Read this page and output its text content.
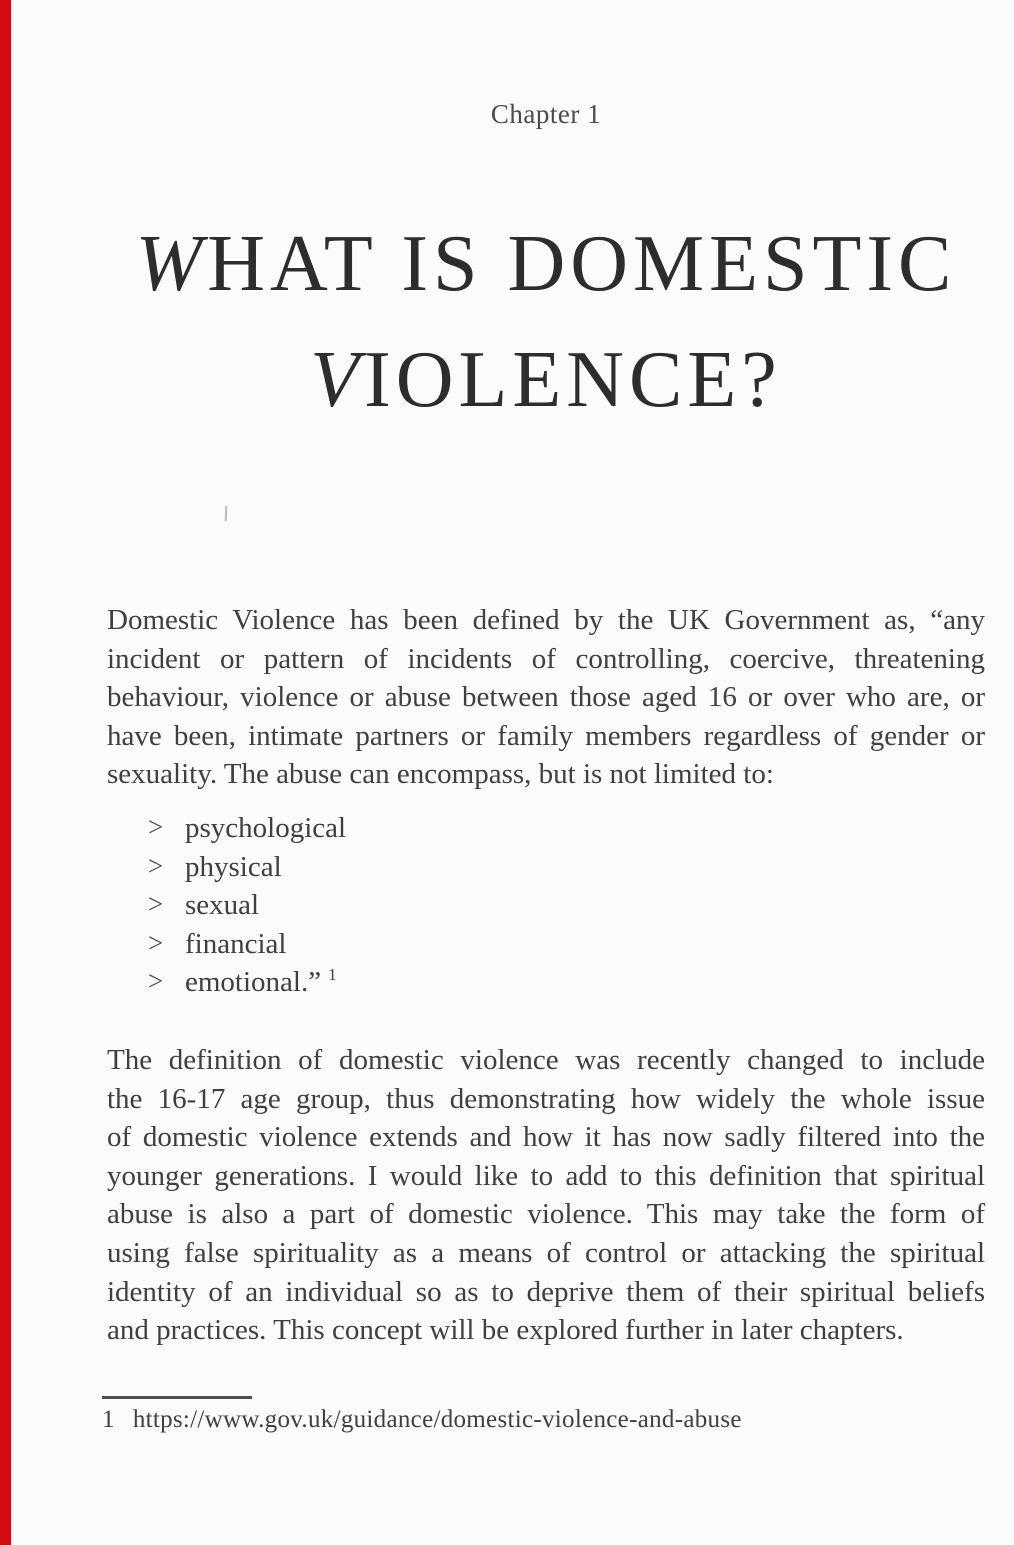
Chapter 1
WHAT IS DOMESTIC
VIOLENCE?
Domestic Violence has been defined by the UK Government as, “any
incident or pattern of incidents of controlling, coercive, threatening
behaviour, violence or abuse between those aged 16 or over who are, or
have been, intimate partners or family members regardless of gender or
sexuality. The abuse can encompass, but is not limited to:
> psychological
> physical
> sexual
> financial
> emotional.” $^1$
The definition of domestic violence was recently changed to include
the 16-17 age group, thus demonstrating how widely the whole issue
of domestic violence extends and how it has now sadly filtered into the
younger generations. I would like to add to this definition that spiritual
abuse is also a part of domestic violence. This may take the form of
using false spirituality as a means of control or attacking the spiritual
identity of an individual so as to deprive them of their spiritual beliefs
and practices. This concept will be explored further in later chapters.
1 https://www.gov.uk/guidance/domestic-violence-and-abuse
